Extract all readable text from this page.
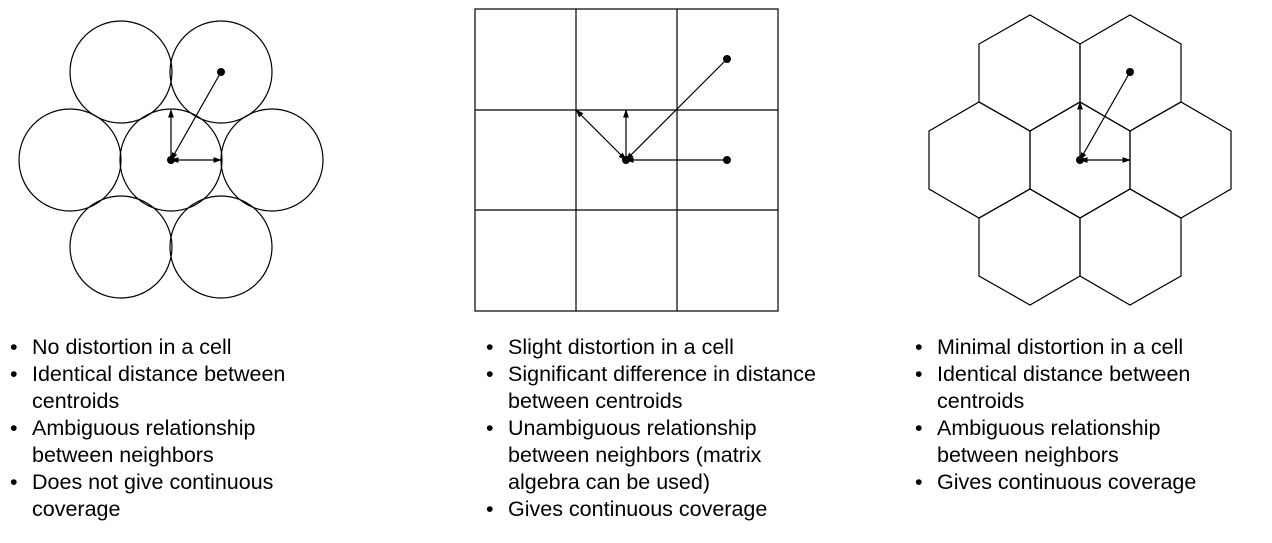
• No distortion in a cell
• Identical distance between centroids
• Ambiguous relationship between neighbors
• Does not give continuous coverage
• Slight distortion in a cell
• Significant difference in distance between centroids
• Unambiguous relationship between neighbors (matrix algebra can be used)
• Gives continuous coverage
• Minimal distortion in a cell
• Identical distance between centroids
• Ambiguous relationship between neighbors
• Gives continuous coverage
